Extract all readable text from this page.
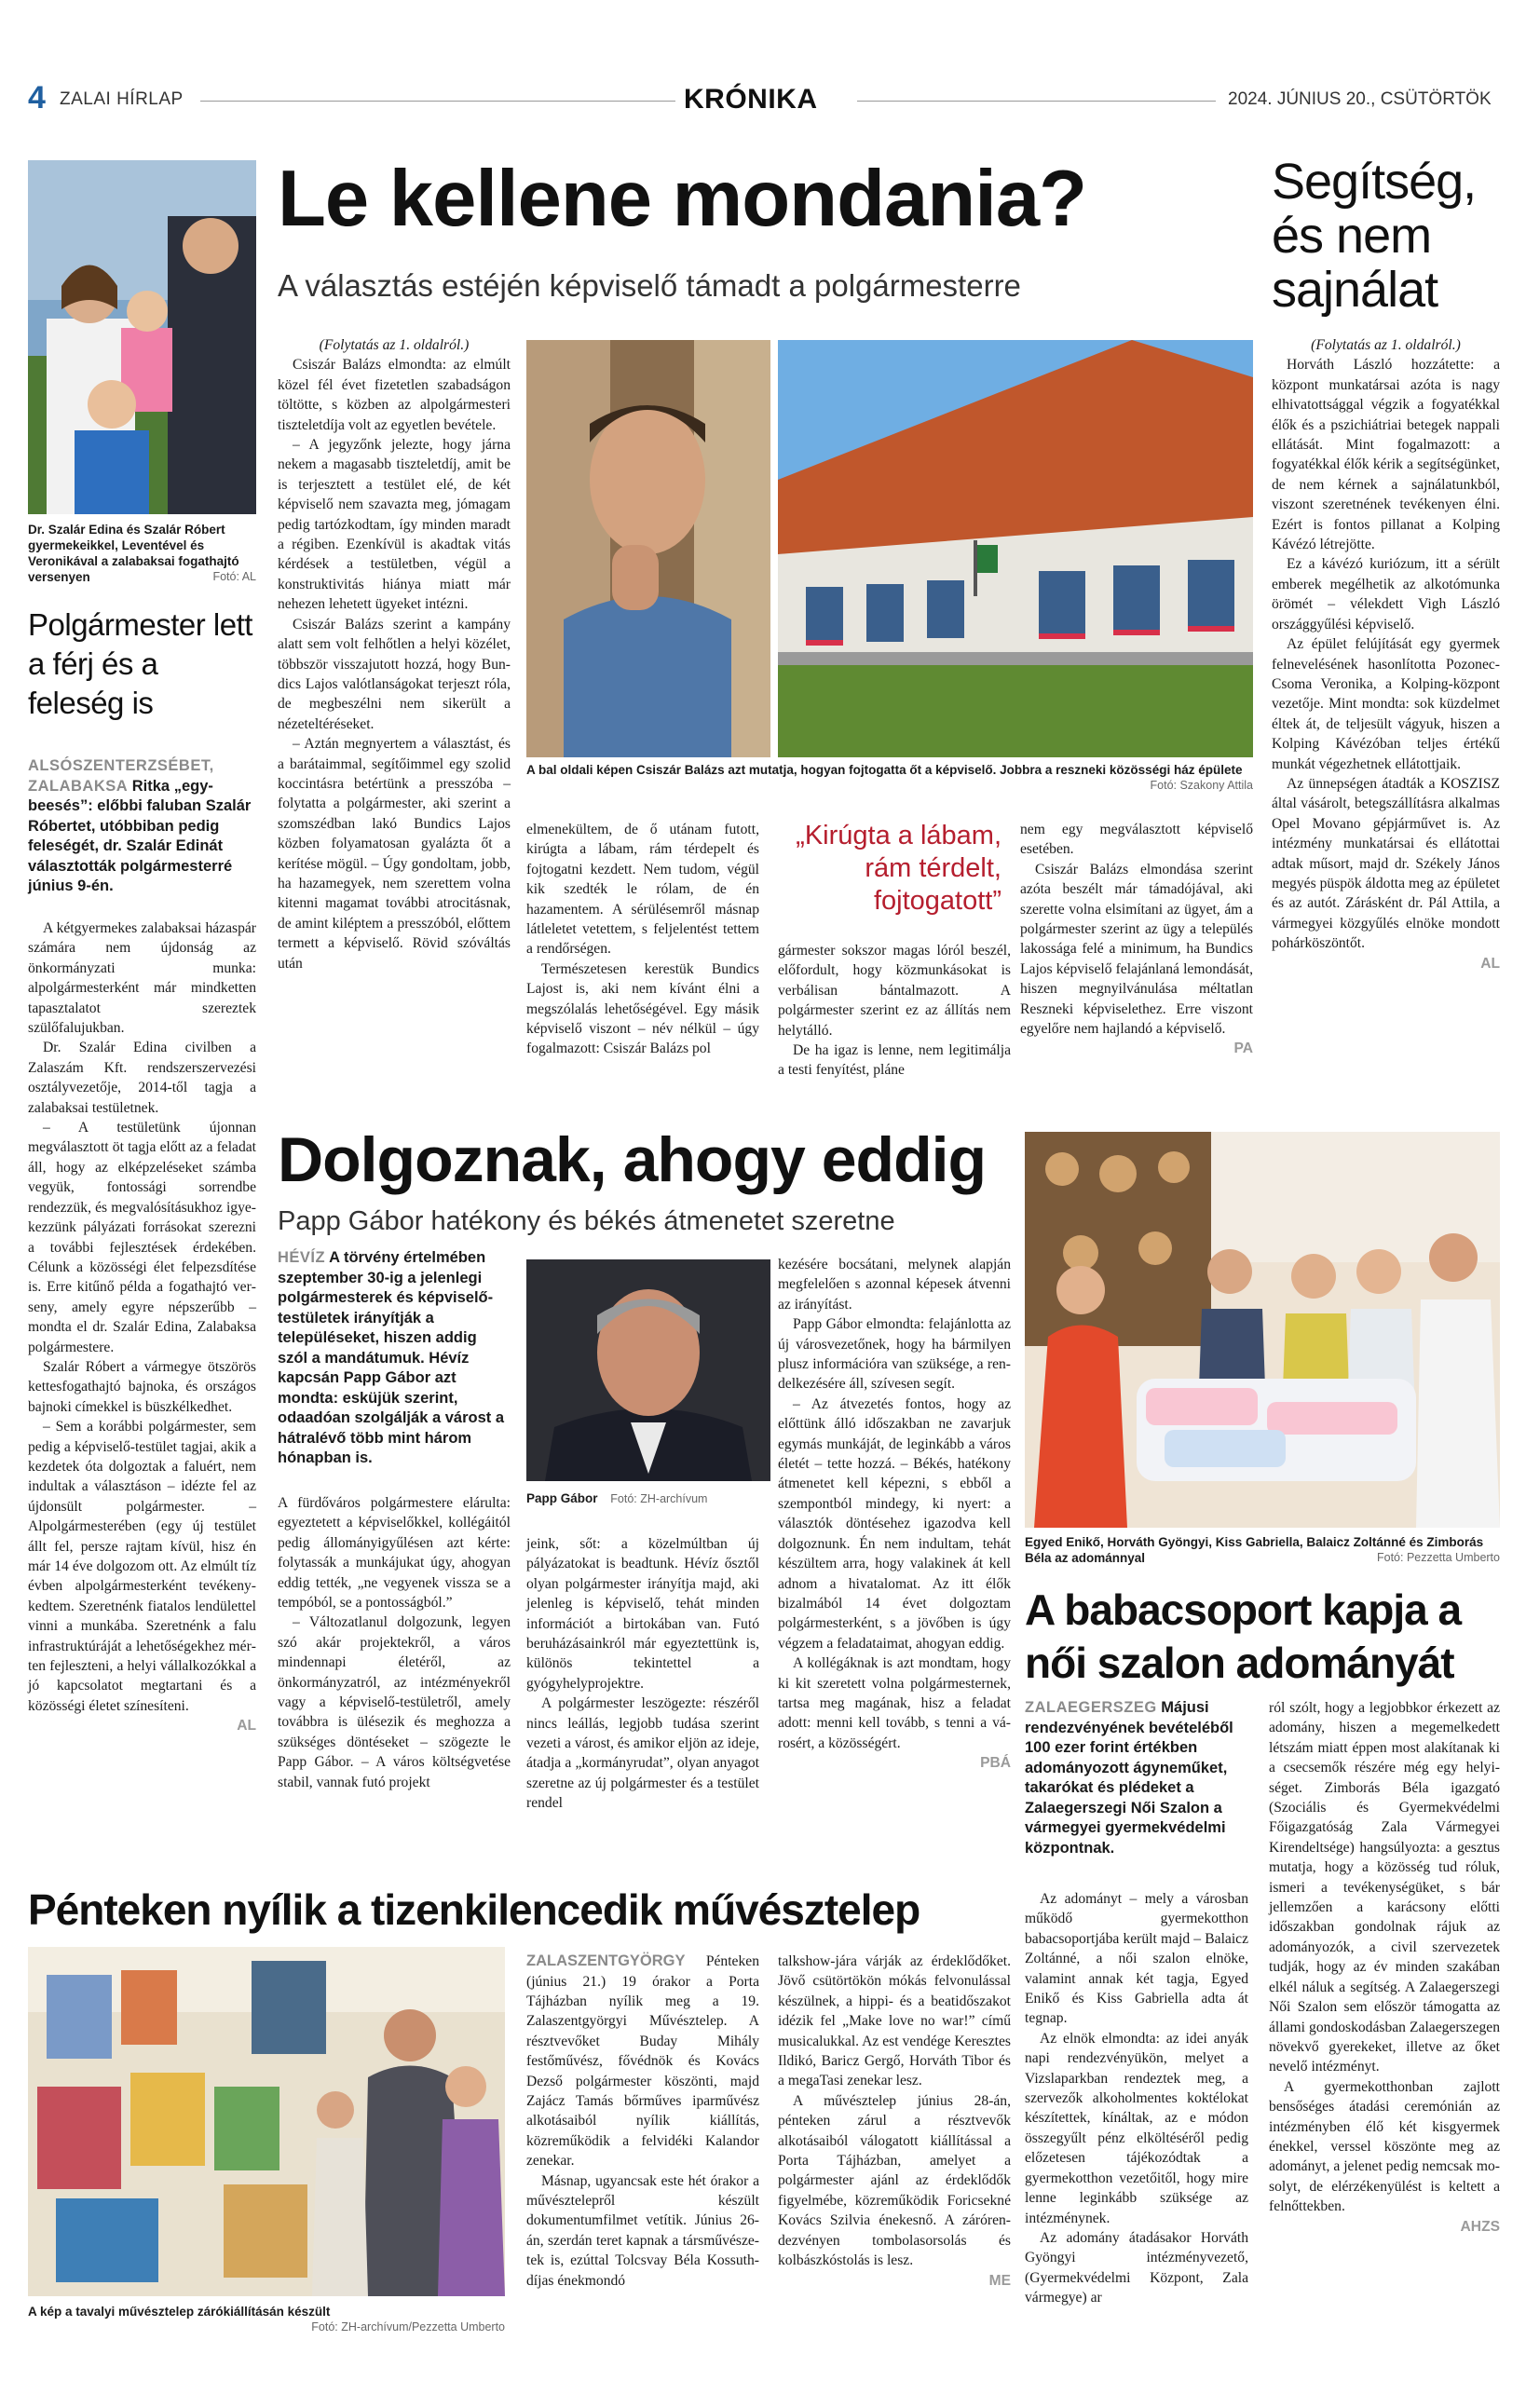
4 ZALAI HÍRLAP	KRÓNIKA	2024. JÚNIUS 20., CSÜTÖRTÖK
Dr. Szalár Edina és Szalár Róbert gyermekeikkel, Leventével és Veronikával a zalabaksai fogathajtó versenyen	Fotó: AL
Polgármester lett a férj és a feleség is
ALSÓSZENTERZSÉBET, ZALABAKSA Ritka „egybeesés”: előbbi faluban Szalár Róbertet, utóbbiban pedig feleségét, dr. Szalár Edinát választották polgármesterré június 9-én.

A kétgyermekes zalabaksai házaspár számára nem újdonság az önkormányzati munka: alpolgármesterként már mindketten tapasztalatot szereztek szülőfalujukban.

Dr. Szalár Edina civilben a Zalaszám Kft. rendszerszervezési osztályvezetője, 2014-től tagja a zalabaksai testületnek.

– A testületünk újonnan megválasztott öt tagja előtt az a feladat áll, hogy az elképzeléseket számba vegyük, fontossági sorrendbe rendezzük, és megvalósításukhoz igyekezzünk pályázati forrásokat szerezni a további fejlesztések érdekében. Célunk a közösségi élet felpezsdítése is. Erre kitűnő példa a fogathajtó verseny, amely egyre népszerűbb – mondta el dr. Szalár Edina, Zalabaksa polgármestere.

Szalár Róbert a vármegye ötszörös kettesfogathajtó bajnoka, és országos bajnoki címekkel is büszkélkedhet.

– Sem a korábbi polgármester, sem pedig a képviselő-testület tagjai, akik a kezdetek óta dolgoztak a faluért, nem indultak a választáson – idézte fel az újdonsült polgármester. – Alpolgármesterében (egy új testület állt fel, persze rajtam kívül, hisz én már 14 éve dolgozom ott. Az elmúlt tíz évben alpolgármesterként tevékenykedtem. Szeretnénk fiatalos lendülettel vinni a munkába. Szeretnénk a falu infrastruktúráját a lehetőségekhez mérten fejleszteni, a helyi vállalkozókkal a jó kapcsolatot megtartani és a közösségi életet színesíteni.

AL

Le kellene mondania?
A választás estéjén képviselő támadt a polgármesterre

(Folytatás az 1. oldalról.)

Csiszár Balázs elmondta: az elmúlt közel fél évet fizetetlen szabadságon töltötte, s közben az alpolgármesteri tiszteletdíja volt az egyetlen bevétele.

– A jegyzőnk jelezte, hogy járna nekem a magasabb tiszteletdíj, amit be is terjesztett a testület elé, de két képviselő nem szavazta meg, jómagam pedig tartózkodtam, így minden maradt a régiben. Ezenkívül is akadtak vitás kérdések a testületben, végül a konstruktivitás hiánya miatt már nehezen lehetett ügyeket intézni.

Csiszár Balázs szerint a kampány alatt sem volt felhőtlen a helyi közélet, többször visszajutott hozzá, hogy Bundics Lajos valótlanságokat terjeszt róla, de megbeszélni nem sikerült a nézeteltéréseket.

– Aztán megnyertem a választást, és a barátaimmal, segítőimmel egy szolid koccintásra betértünk a presszóba – folytatta a polgármester, aki szerint a szomszédban lakó Bundics Lajos közben folyamatosan gyalázta őt a kerítése mögül. – Úgy gondoltam, jobb, ha hazamegyek, nem szerettem volna kitenni magamat további atrocitásnak, de amint kiléptem a presszóból, előttem termett a képviselő. Rövid szóváltás után

A bal oldali képen Csiszár Balázs azt mutatja, hogyan fojtogatta őt a képviselő. Jobbra a reszneki közösségi ház épülete
Fotó: Szakony Attila

elmenekültem, de ő utánam futott, kirúgta a lábam, rám térdepelt és fojtogatni kezdett. Nem tudom, végül kik szedték le rólam, de én hazamentem. A sérülésemről másnap látleletet vetettem, s feljelentést tettem a rendőrségen.

Természetesen kerestük Bundics Lajost is, aki nem kívánt élni a megszólalás lehetőségével. Egy másik képviselő viszont – név nélkül – úgy fogalmazott: Csiszár Balázs pol

„Kirúgta a lábam, rám térdelt, fojtogatott”

gármester sokszor magas lóról beszél, előfordult, hogy közmunkásokat is verbálisan bántalmazott. A polgármester szerint ez az állítás nem helytálló.

De ha igaz is lenne, nem legitimálja a testi fenyítést, pláne

nem egy megválasztott képviselő esetében.

Csiszár Balázs elmondása szerint azóta beszélt már támadójával, aki szerette volna elsimítani az ügyet, ám a polgármester szerint az ügy a település lakossága felé a minimum, ha Bundics Lajos képviselő felajánlaná lemondását, hiszen megnyilvánulása méltatlan Reszneki képviselethez. Erre viszont egyelőre nem hajlandó a képviselő.

PA

Segítség, és nem sajnálat

(Folytatás az 1. oldalról.)

Horváth László hozzátette: a központ munkatársai azóta is nagy elhivatottsággal végzik a fogyatékkal élők és a pszichiátriai betegek nappali ellátását. Mint fogalmazott: a fogyatékkal élők kérik a segítségünket, de nem kérnek a sajnálatunkból, viszont szeretnének tevékenyen élni. Ezért is fontos pillanat a Kolping Kávézó létrejötte.

Ez a kávézó kuriózum, itt a sérült emberek megélhetik az alkotómunka örömét – vélekdett Vigh László országgyűlési képviselő.

Az épület felújítását egy gyermek felnevelésének hasonlította Pozonec-Csoma Veronika, a Kolping-központ vezetője. Mint mondta: sok küzdelmet éltek át, de teljesült vágyuk, hiszen a Kolping Kávézóban teljes értékű munkát végezhetnek ellátottjaik.

Az ünnepségen átadták a KOSZISZ által vásárolt, betegszállításra alkalmas Opel Movano gépjárművet is. Az intézmény munkatársai és ellátottai adtak műsort, majd dr. Székely János megyés püspök áldotta meg az épületet és az autót. Zárásként dr. Pál Attila, a vármegyei közgyűlés elnöke mondott pohárköszöntőt.

AL

Dolgoznak, ahogy eddig
Papp Gábor hatékony és békés átmenetet szeretne
HÉVÍZ A törvény értelmében szeptember 30-ig a jelenlegi polgármesterek és képviselő-testületek irányítják a településeket, hiszen addig szól a mandátumuk. Hévíz kapcsán Papp Gábor azt mondta: esküjük szerint, odaadóan szolgálják a várost a hátralévő több mint három hónapban is.
Papp Gábor Fotó: ZH-archívum

A fürdőváros polgármestere elárulta: egyeztetett a képviselőkkel, kollégáitól pedig állományigyűlésen azt kérte: folytassák a munkájukat úgy, ahogyan eddig tették, „ne vegyenek vissza se a tempóból, se a pontosságból.”

– Változatlanul dolgozunk, legyen szó akár projektekről, a város mindennapi életéről, az önkormányzatról, az intézményekről vagy a képviselő-testületről, amely továbbra is ülésezik és meghozza a szükséges döntéseket – szögezte le Papp Gábor. – A város költségvetése stabil, vannak futó projekt

jeink, sőt: a közelmúltban új pályázatokat is beadtunk. Hévíz ősztől olyan polgármester irányítja majd, aki jelenleg is képviselő, tehát minden információt a birtokában van. Futó beruházásainkról már egyeztettünk is, különös tekintettel a gyógyhelyprojektre.

A polgármester leszögezte: részéről nincs leállás, legjobb tudása szerint vezeti a várost, és amikor eljön az ideje, átadja a „kormányrudat”, olyan anyagot szeretne az új polgármester és a testület rendel

kezésére bocsátani, melynek alapján megfelelően s azonnal képesek átvenni az irányítást.

Papp Gábor elmondta: felajánlotta az új városvezetőnek, hogy ha bármilyen plusz információra van szüksége, a rendelkezésére áll, szívesen segít.

– Az átvezetés fontos, hogy az előttünk álló időszakban ne zavarjuk egymás munkáját, de leginkább a város életét – tette hozzá. – Békés, hatékony átmenetet kell képezni, s ebből a szempontból mindegy, ki nyert: a választók döntésehez igazodva kell dolgoznunk. Én nem indultam, tehát készültem arra, hogy valakinek át kell adnom a hivatalomat. Az itt élők bizalmából 14 évet dolgoztam polgármesterként, s a jövőben is úgy végzem a feladataimat, ahogyan eddig.

A kollégáknak is azt mondtam, hogy ki kit szeretett volna polgármesternek, tartsa meg magának, hisz a feladat adott: menni kell tovább, s tenni a városért, a közösségért.

PBÁ

Egyed Enikő, Horváth Gyöngyi, Kiss Gabriella, Balaicz Zoltánné és Zimborás Béla az adománnyal	Fotó: Pezzetta Umberto
A babacsoport kapja a női szalon adományát
ZALAEGERSZEG Májusi rendezvényének bevételéből 100 ezer forint értékben adományozott ágyneműket, takarókat és plédeket a Zalaegerszegi Női Szalon a vármegyei gyermekvédelmi központnak.

Az adományt – mely a városban működő gyermekotthon babacsoportjába került majd – Balaicz Zoltánné, a női szalon elnöke, valamint annak két tagja, Egyed Enikő és Kiss Gabriella adta át tegnap.

Az elnök elmondta: az idei anyák napi rendezvényükön, melyet a Vizslaparkban rendeztek meg, a szervezők alkoholmentes koktélokat készítettek, kínáltak, az e módon összegyűlt pénz elköltéséről pedig előzetesen tájékozódtak a gyermekotthon vezetőitől, hogy mire lenne leginkább szüksége az intézménynek.

Az adomány átadásakor Horváth Gyöngyi intézményvezető, (Gyermekvédelmi Központ, Zala vármegye) ar

ról szólt, hogy a legjobbkor érkezett az adomány, hiszen a megemelkedett létszám miatt éppen most alakítanak ki a csecsemők részére még egy helyiséget. Zimborás Béla igazgató (Szociális és Gyermekvédelmi Főigazgatóság Zala Vármegyei Kirendeltsége) hangsúlyozta: a gesztus mutatja, hogy a közösség tud róluk, ismeri a tevékenységüket, s bár jellemzően a karácsony előtti időszakban gondolnak rájuk az adományozók, a civil szervezetek tudják, hogy az év minden szakában elkél náluk a segítség. A Zalaegerszegi Női Szalon sem először támogatta az állami gondoskodásban Zalaegerszegen növekvő gyerekeket, illetve az őket nevelő intézményt.

A gyermekotthonban zajlott bensőséges átadási ceremónián az intézményben élő két kisgyermek énekkel, verssel köszönte meg az adományt, a jelenet pedig nemcsak mosolyt, de elérzékenyülést is keltett a felnőttekben.

AHZS

Pénteken nyílik a tizenkilencedik művésztelep
A kép a tavalyi művésztelep zárókiállításán készült
Fotó: ZH-archívum/Pezzetta Umberto

ZALASZENTGYÖRGY Pénteken (június 21.) 19 órakor a Porta Tájházban nyílik meg a 19. Zalaszentgyörgyi Művésztelep. A résztvevőket Buday Mihály festőművész, fővédnök és Kovács Dezső polgármester köszönti, majd Zajácz Tamás bőrműves iparművész alkotásaiból nyílik kiállítás, közreműködik a felvidéki Kalandor zenekar.

Másnap, ugyancsak este hét órakor a művésztelepről készült dokumentumfilmet vetítik. Június 26-án, szerdán teret kapnak a társművészetek is, ezúttal Tolcsvay Béla Kossuth-díjas énekmondó

talkshow-jára várják az érdeklődőket. Jövő csütörtökön mókás felvonulással készülnek, a hippi- és a beatidőszakot idézik fel „Make love no war!” című musicalukkal. Az est vendége Keresztes Ildikó, Baricz Gergő, Horváth Tibor és a megaTasi zenekar lesz.

A művésztelep június 28-án, pénteken zárul a résztvevők alkotásaiból válogatott kiállítással a Porta Tájházban, amelyet a polgármester ajánl az érdeklődők figyelmébe, közreműködik Foricsekné Kovács Szilvia énekesnő. A zárórendezvényen tombolasorsolás és kolbászkóstolás is lesz.

ME
